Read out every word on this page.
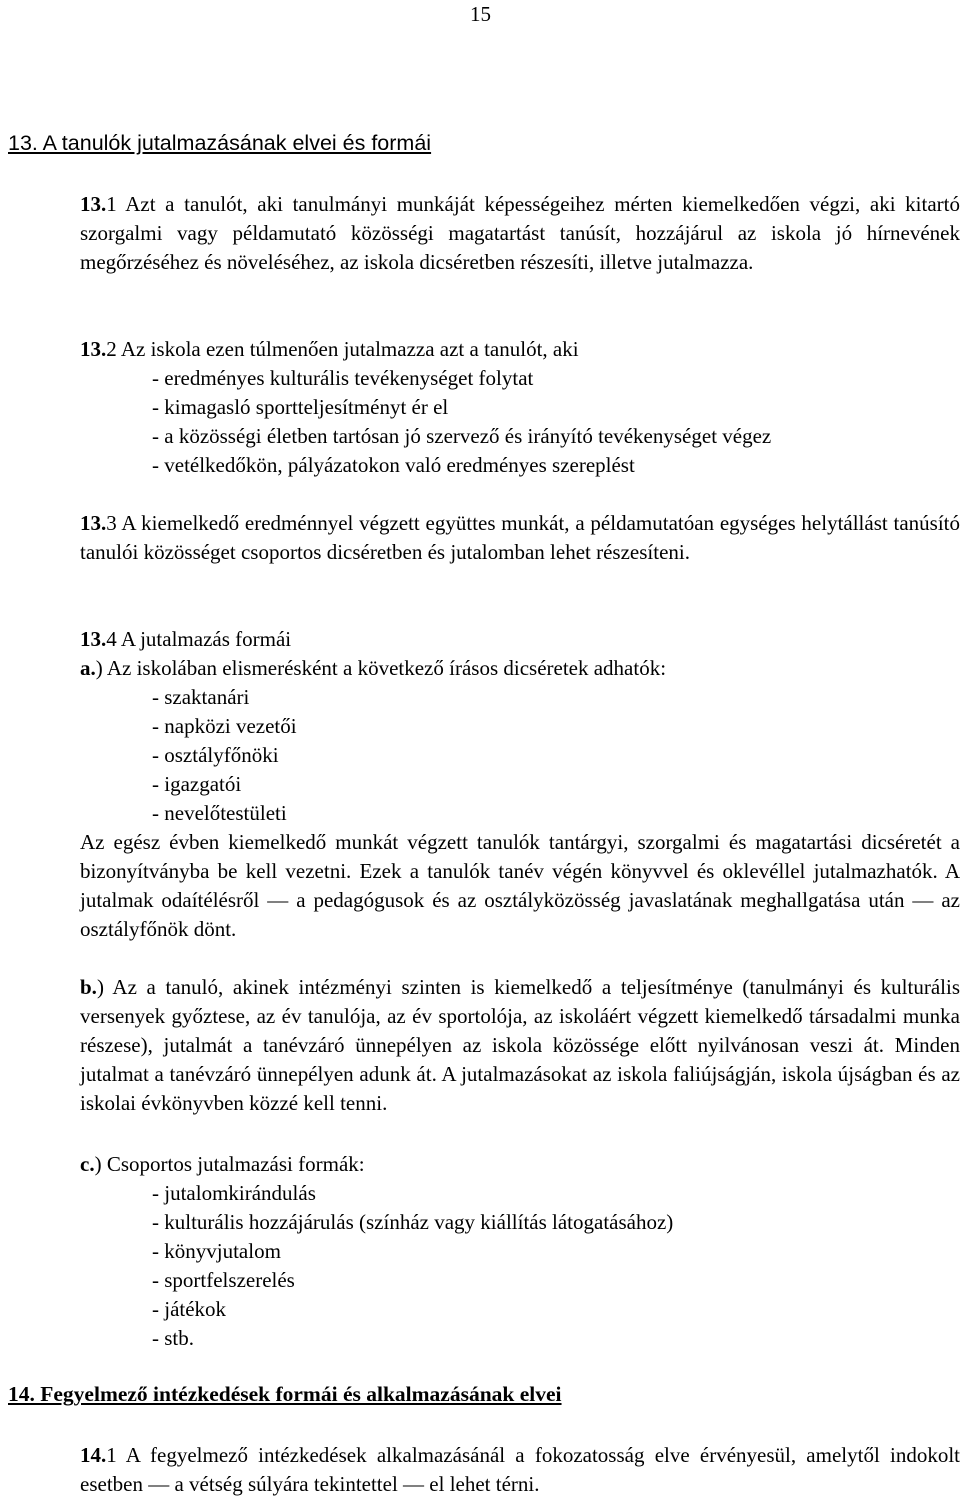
15
13. A tanulók jutalmazásának elvei és formái

13.1 Azt a tanulót, aki tanulmányi munkáját képességeihez mérten kiemelkedően végzi, aki kitartó szorgalmi vagy példamutató közösségi magatartást tanúsít, hozzájárul az iskola jó hírnevének megőrzéséhez és növeléséhez, az iskola dicséretben részesíti, illetve jutalmazza.

13.2 Az iskola ezen túlmenően jutalmazza azt a tanulót, aki
- eredményes kulturális tevékenységet folytat
- kimagasló sportteljesítményt ér el
- a közösségi életben tartósan jó szervező és irányító tevékenységet végez
- vetélkedőkön, pályázatokon való eredményes szereplést

13.3 A kiemelkedő eredménnyel végzett együttes munkát, a példamutatóan egységes helytállást tanúsító tanulói közösséget csoportos dicséretben és jutalomban lehet részesíteni.

13.4 A jutalmazás formái
a.) Az iskolában elismerésként a következő írásos dicséretek adhatók:
- szaktanári
- napközi vezetői
- osztályfőnöki
- igazgatói
- nevelőtestületi

Az egész évben kiemelkedő munkát végzett tanulók tantárgyi, szorgalmi és magatartási dicséretét a bizonyítványba be kell vezetni. Ezek a tanulók tanév végén könyvvel és oklevéllel jutalmazhatók. A jutalmak odaítélésről — a pedagógusok és az osztályközösség javaslatának meghallgatása után — az osztályfőnök dönt.

b.) Az a tanuló, akinek intézményi szinten is kiemelkedő a teljesítménye (tanulmányi és kulturális versenyek győztese, az év tanulója, az év sportolója, az iskoláért végzett kiemelkedő társadalmi munka részese), jutalmát a tanévzáró ünnepélyen az iskola közössége előtt nyilvánosan veszi át. Minden jutalmat a tanévzáró ünnepélyen adunk át. A jutalmazásokat az iskola faliújságján, iskola újságban és az iskolai évkönyvben közzé kell tenni.

c.) Csoportos jutalmazási formák:
- jutalomkirándulás
- kulturális hozzájárulás (színház vagy kiállítás látogatásához)
- könyvjutalom
- sportfelszerelés
- játékok
- stb.
14. Fegyelmező intézkedések formái és alkalmazásának elvei

14.1 A fegyelmező intézkedések alkalmazásánál a fokozatosság elve érvényesül, amelytől indokolt esetben — a vétség súlyára tekintettel — el lehet térni.
